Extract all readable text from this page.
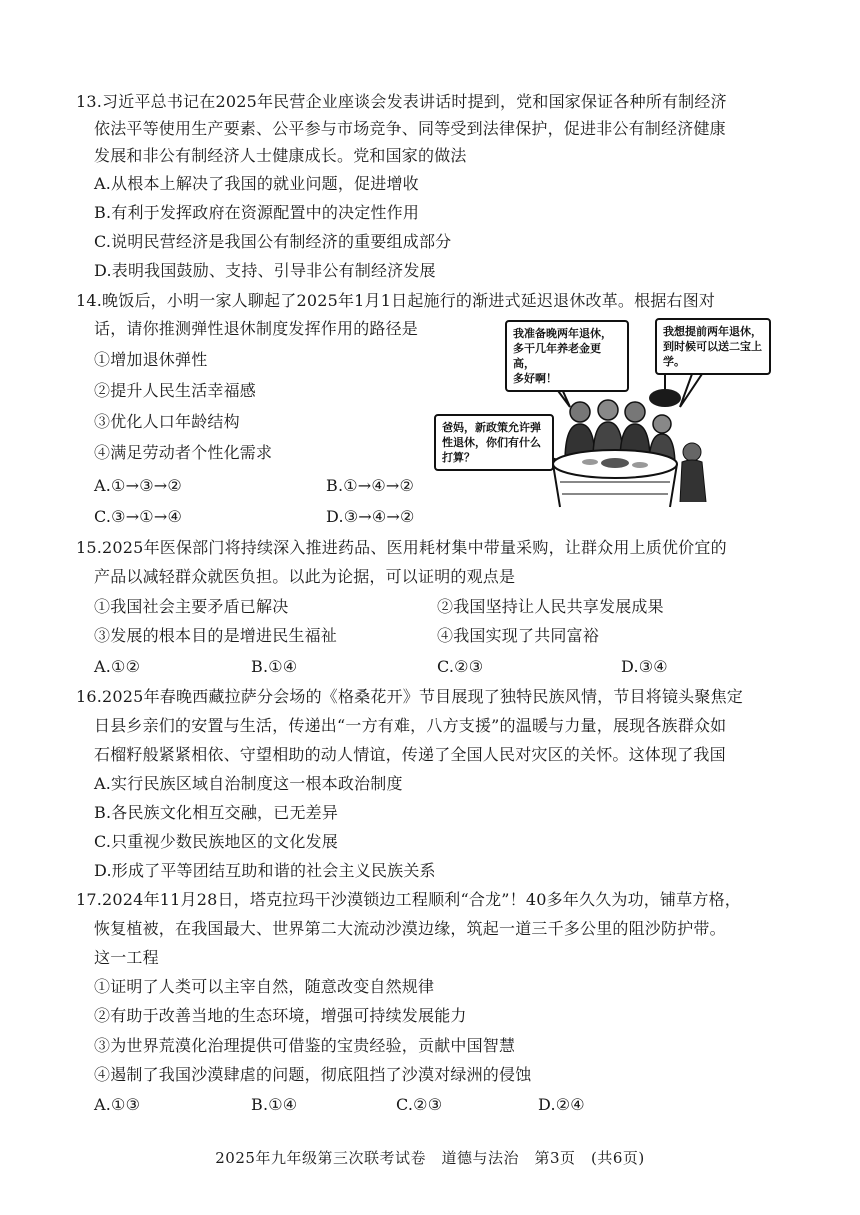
13.习近平总书记在2025年民营企业座谈会发表讲话时提到，党和国家保证各种所有制经济
依法平等使用生产要素、公平参与市场竞争、同等受到法律保护，促进非公有制经济健康
发展和非公有制经济人士健康成长。党和国家的做法
A.从根本上解决了我国的就业问题，促进增收
B.有利于发挥政府在资源配置中的决定性作用
C.说明民营经济是我国公有制经济的重要组成部分
D.表明我国鼓励、支持、引导非公有制经济发展
14.晚饭后，小明一家人聊起了2025年1月1日起施行的渐进式延迟退休改革。根据右图对
话，请你推测弹性退休制度发挥作用的路径是
①增加退休弹性
②提升人民生活幸福感
③优化人口年龄结构
④满足劳动者个性化需求
A.①→③→②	B.①→④→②
C.③→①→④	D.③→④→②
我准备晚两年退休，
多干几年养老金更高，
多好啊！
我想提前两年退休，
到时候可以送二宝上
学。
爸妈，新政策允许弹
性退休，你们有什么
打算？
15.2025年医保部门将持续深入推进药品、医用耗材集中带量采购，让群众用上质优价宜的
产品以减轻群众就医负担。以此为论据，可以证明的观点是
①我国社会主要矛盾已解决	②我国坚持让人民共享发展成果
③发展的根本目的是增进民生福祉	④我国实现了共同富裕
A.①②	B.①④	C.②③	D.③④
16.2025年春晚西藏拉萨分会场的《格桑花开》节目展现了独特民族风情，节目将镜头聚焦定
日县乡亲们的安置与生活，传递出“一方有难，八方支援”的温暖与力量，展现各族群众如
石榴籽般紧紧相依、守望相助的动人情谊，传递了全国人民对灾区的关怀。这体现了我国
A.实行民族区域自治制度这一根本政治制度
B.各民族文化相互交融，已无差异
C.只重视少数民族地区的文化发展
D.形成了平等团结互助和谐的社会主义民族关系
17.2024年11月28日，塔克拉玛干沙漠锁边工程顺利“合龙”！40多年久久为功，铺草方格，
恢复植被，在我国最大、世界第二大流动沙漠边缘，筑起一道三千多公里的阻沙防护带。
这一工程
①证明了人类可以主宰自然，随意改变自然规律
②有助于改善当地的生态环境，增强可持续发展能力
③为世界荒漠化治理提供可借鉴的宝贵经验，贡献中国智慧
④遏制了我国沙漠肆虐的问题，彻底阻挡了沙漠对绿洲的侵蚀
A.①③	B.①④	C.②③	D.②④
2025年九年级第三次联考试卷　道德与法治　第3页　(共6页)
